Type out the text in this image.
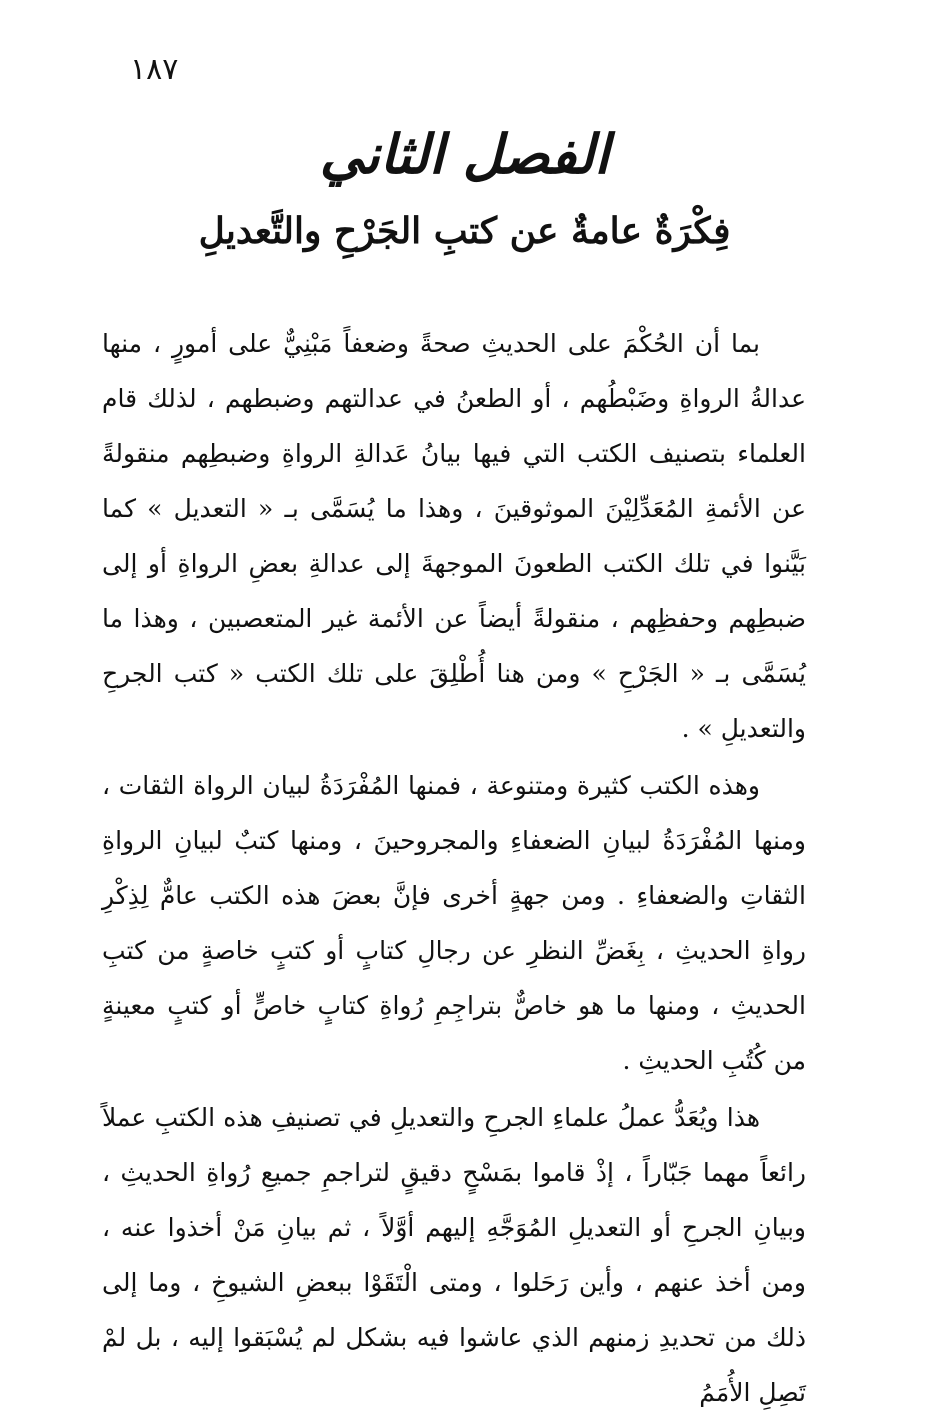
١٨٧
الفصل الثاني
فِكْرَةٌ عامةٌ عن كتبِ الجَرْحِ والتَّعديلِ

بما أن الحُكْمَ على الحديثِ صحةً وضعفاً مَبْنِيٌّ على أمورٍ ، منها عدالةُ الرواةِ وضَبْطُهم ، أو الطعنُ في عدالتهم وضبطهم ، لذلك قام العلماء بتصنيف الكتب التي فيها بيانُ عَدالةِ الرواةِ وضبطِهم منقولةً عن الأئمةِ المُعَدِّلِيْنَ الموثوقينَ ، وهذا ما يُسَمَّى بـ « التعديل » كما بَيَّنوا في تلك الكتب الطعونَ الموجهةَ إلى عدالةِ بعضِ الرواةِ أو إلى ضبطِهم وحفظِهم ، منقولةً أيضاً عن الأئمة غير المتعصبين ، وهذا ما يُسَمَّى بـ « الجَرْحِ » ومن هنا أُطْلِقَ على تلك الكتب « كتب الجرحِ والتعديلِ » .

وهذه الكتب كثيرة ومتنوعة ، فمنها المُفْرَدَةُ لبيان الرواة الثقات ، ومنها المُفْرَدَةُ لبيانِ الضعفاءِ والمجروحينَ ، ومنها كتبٌ لبيانِ الرواةِ الثقاتِ والضعفاءِ . ومن جهةٍ أخرى فإنَّ بعضَ هذه الكتب عامٌّ لِذِكْرِ رواةِ الحديثِ ، بِغَضِّ النظرِ عن رجالِ كتابٍ أو كتبٍ خاصةٍ من كتبِ الحديثِ ، ومنها ما هو خاصٌّ بتراجِمِ رُواةِ كتابٍ خاصٍّ أو كتبٍ معينةٍ من كُتُبِ الحديثِ .

هذا ويُعَدُّ عملُ علماءِ الجرحِ والتعديلِ في تصنيفِ هذه الكتبِ عملاً رائعاً مهما جَبّاراً ، إذْ قاموا بمَسْحٍ دقيقٍ لتراجمِ جميعِ رُواةِ الحديثِ ، وبيانِ الجرحِ أو التعديلِ المُوَجَّهِ إليهم أوَّلاً ، ثم بيانِ مَنْ أخذوا عنه ، ومن أخذ عنهم ، وأين رَحَلوا ، ومتى الْتَقَوْا ببعضِ الشيوخِ ، وما إلى ذلك من تحديدِ زمنهم الذي عاشوا فيه بشكل لم يُسْبَقوا إليه ، بل لمْ تَصِلِ الأُمَمُ
